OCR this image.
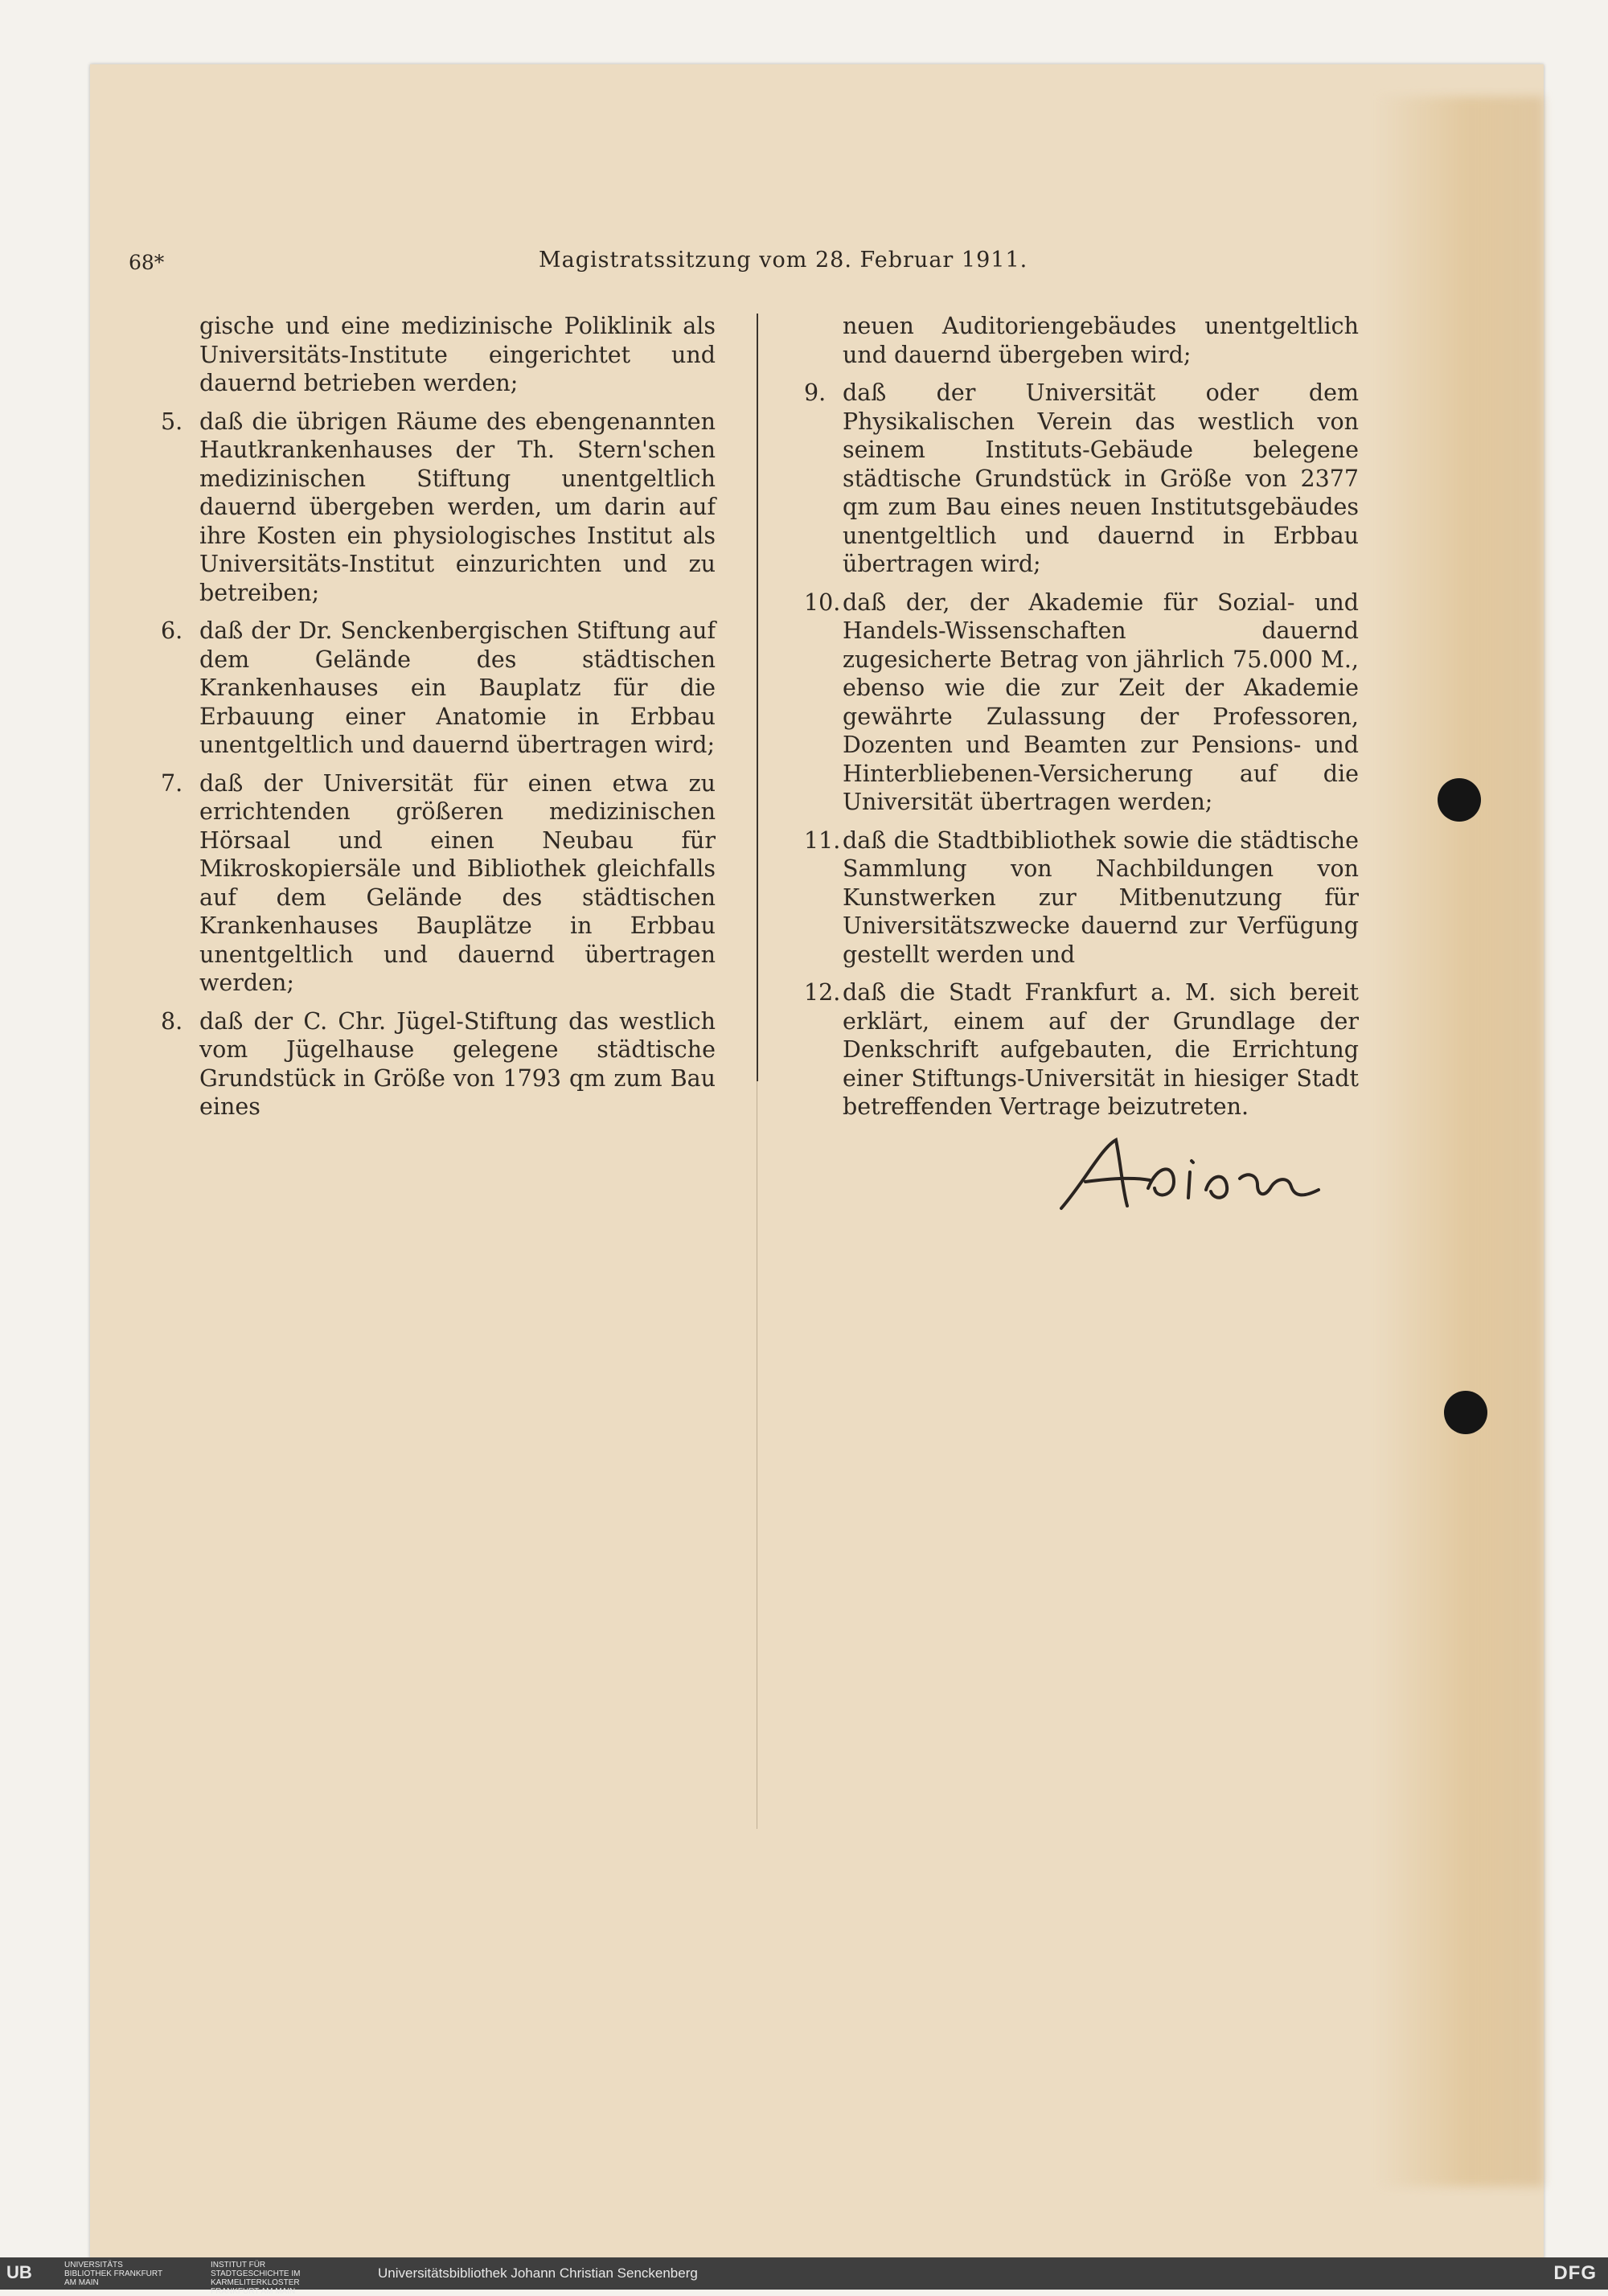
68*	Magistratssitzung vom 28. Februar 1911.

gische und eine medizinische Poliklinik als Universitäts-Institute eingerichtet und dauernd betrieben werden;

5. daß die übrigen Räume des ebengenannten Hautkrankenhauses der Th. Stern'schen medizinischen Stiftung unentgeltlich dauernd übergeben werden, um darin auf ihre Kosten ein physiologisches Institut als Universitäts-Institut einzurichten und zu betreiben;
6. daß der Dr. Senckenbergischen Stiftung auf dem Gelände des städtischen Krankenhauses ein Bauplatz für die Erbauung einer Anatomie in Erbbau unentgeltlich und dauernd übertragen wird;
7. daß der Universität für einen etwa zu errichtenden größeren medizinischen Hörsaal und einen Neubau für Mikroskopiersäle und Bibliothek gleichfalls auf dem Gelände des städtischen Krankenhauses Bauplätze in Erbbau unentgeltlich und dauernd übertragen werden;
8. daß der C. Chr. Jügel-Stiftung das westlich vom Jügelhause gelegene städtische Grundstück in Größe von 1793 qm zum Bau eines

neuen Auditoriengebäudes unentgeltlich und dauernd übergeben wird;

9. daß der Universität oder dem Physikalischen Verein das westlich von seinem Instituts-Gebäude belegene städtische Grundstück in Größe von 2377 qm zum Bau eines neuen Institutsgebäudes unentgeltlich und dauernd in Erbbau übertragen wird;
10. daß der, der Akademie für Sozial- und Handels-Wissenschaften dauernd zugesicherte Betrag von jährlich 75.000 M., ebenso wie die zur Zeit der Akademie gewährte Zulassung der Professoren, Dozenten und Beamten zur Pensions- und Hinterbliebenen-Versicherung auf die Universität übertragen werden;
11. daß die Stadtbibliothek sowie die städtische Sammlung von Nachbildungen von Kunstwerken zur Mitbenutzung für Universitätszwecke dauernd zur Verfügung gestellt werden und
12. daß die Stadt Frankfurt a. M. sich bereit erklärt, einem auf der Grundlage der Denkschrift aufgebauten, die Errichtung einer Stiftungs-Universität in hiesiger Stadt betreffenden Vertrage beizutreten.
UB	UNIVERSITÄTS BIBLIOTHEK FRANKFURT AM MAIN
INSTITUT FÜR STADTGESCHICHTE IM KARMELITERKLOSTER FRANKFURT AM MAIN
Universitätsbibliothek Johann Christian Senckenberg	DFG
